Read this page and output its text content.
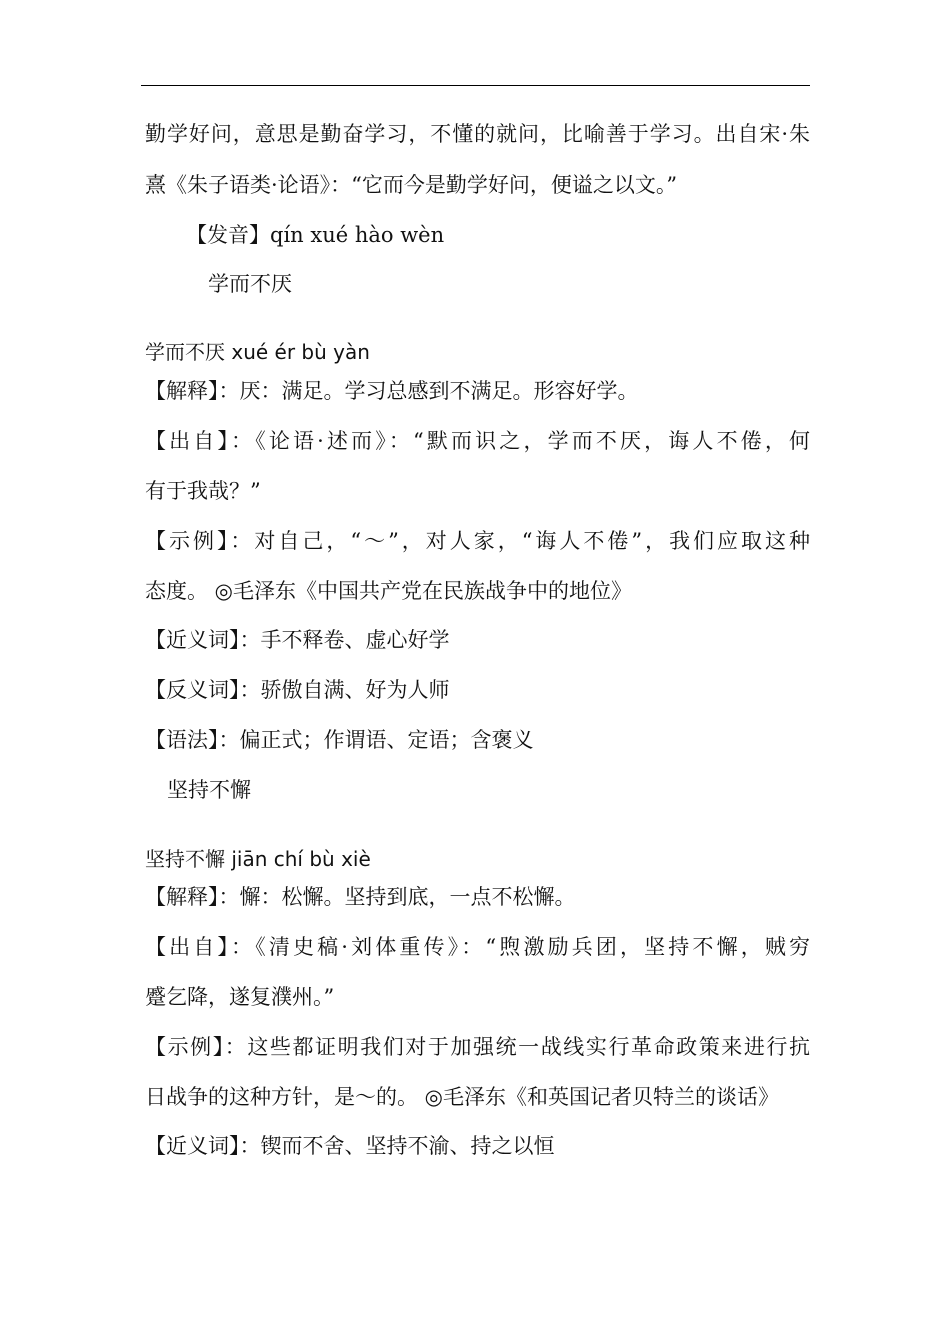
勤学好问，意思是勤奋学习，不懂的就问，比喻善于学习。出自宋·朱
熹《朱子语类·论语》：“它而今是勤学好问，便谥之以文。”
【发音】qín xué hào wèn
学而不厌
学而不厌 xué ér bù yàn
【解释】：厌：满足。学习总感到不满足。形容好学。
【出自】：《论语·述而》：“默而识之，学而不厌，诲人不倦，何
有于我哉？”
【示例】：对自己，“～”，对人家，“诲人不倦”，我们应取这种
态度。 ◎毛泽东《中国共产党在民族战争中的地位》
【近义词】：手不释卷、虚心好学
【反义词】：骄傲自满、好为人师
【语法】：偏正式；作谓语、定语；含褒义
坚持不懈
坚持不懈 jiān chí bù xiè
【解释】：懈：松懈。坚持到底，一点不松懈。
【出自】：《清史稿·刘体重传》：“煦激励兵团，坚持不懈，贼穷
蹙乞降，遂复濮州。”
【示例】：这些都证明我们对于加强统一战线实行革命政策来进行抗
日战争的这种方针，是～的。 ◎毛泽东《和英国记者贝特兰的谈话》
【近义词】：锲而不舍、坚持不渝、持之以恒
